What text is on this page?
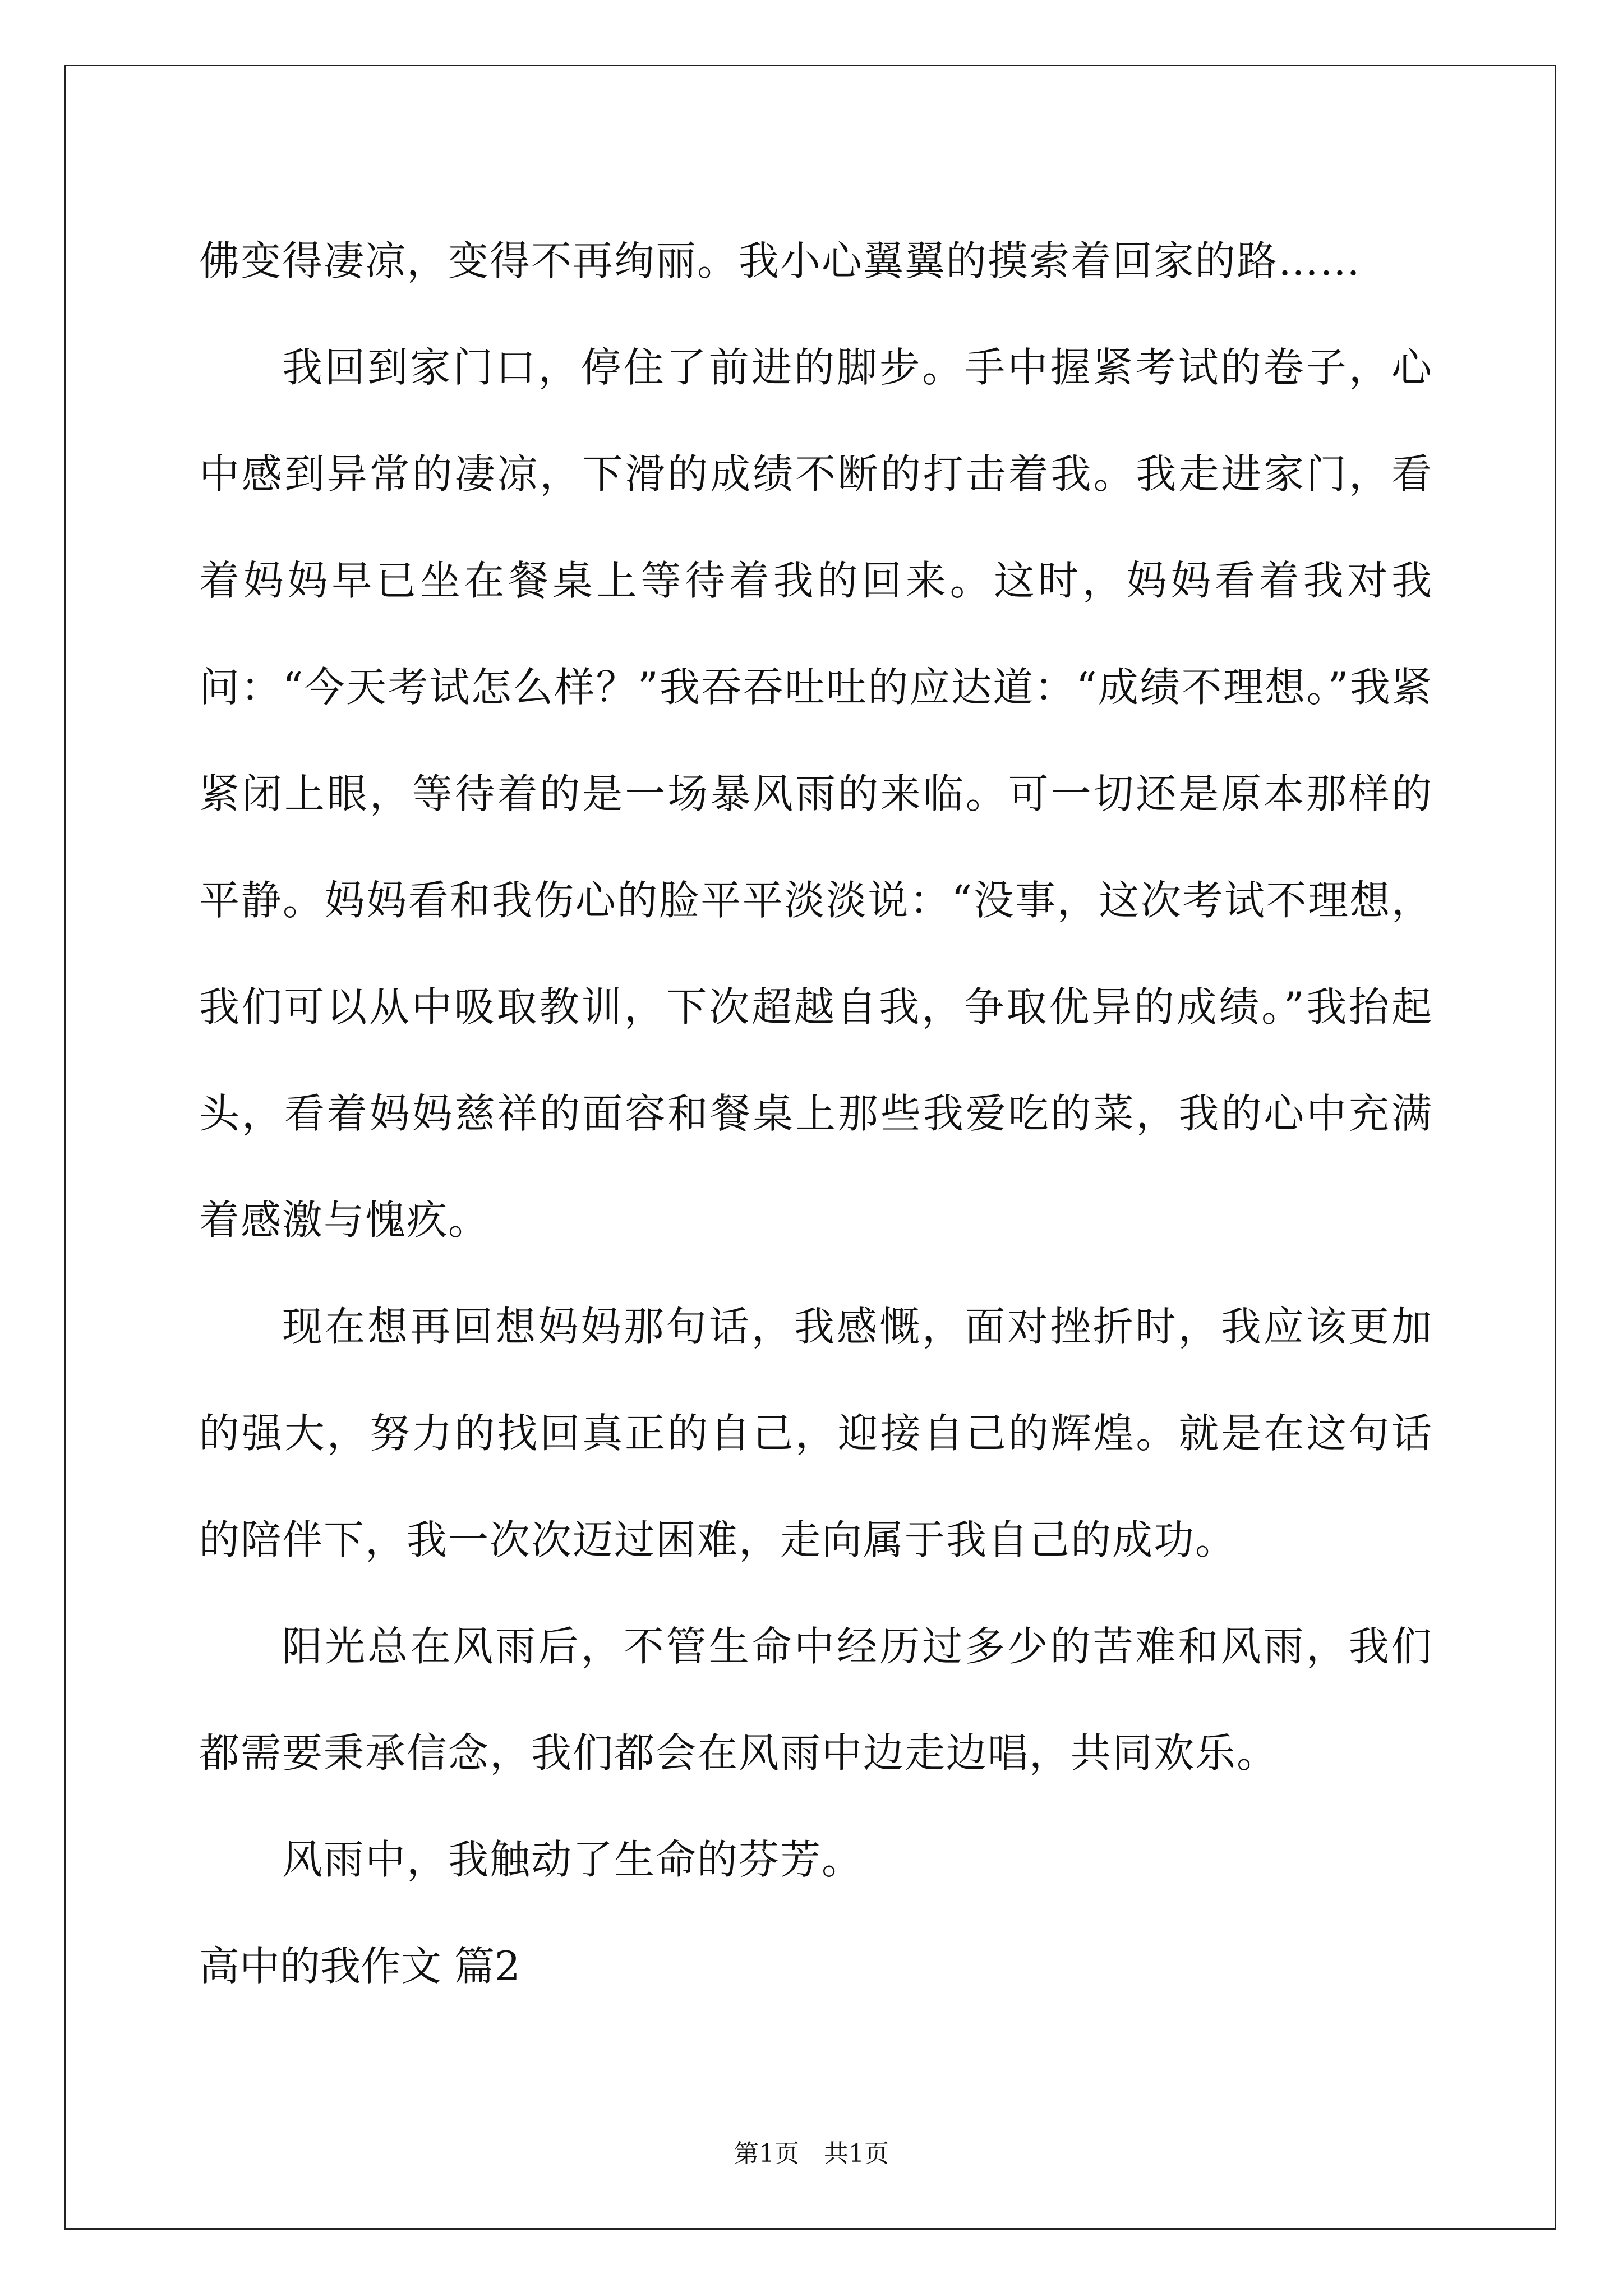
佛变得凄凉，变得不再绚丽。我小心翼翼的摸索着回家的路……

我回到家门口，停住了前进的脚步。手中握紧考试的卷子，心中感到异常的凄凉，下滑的成绩不断的打击着我。我走进家门，看着妈妈早已坐在餐桌上等待着我的回来。这时，妈妈看着我对我问：“今天考试怎么样？”我吞吞吐吐的应达道：“成绩不理想。”我紧紧闭上眼，等待着的是一场暴风雨的来临。可一切还是原本那样的平静。妈妈看和我伤心的脸平平淡淡说：“没事，这次考试不理想，我们可以从中吸取教训，下次超越自我，争取优异的成绩。”我抬起头，看着妈妈慈祥的面容和餐桌上那些我爱吃的菜，我的心中充满着感激与愧疚。

现在想再回想妈妈那句话，我感慨，面对挫折时，我应该更加的强大，努力的找回真正的自己，迎接自己的辉煌。就是在这句话的陪伴下，我一次次迈过困难，走向属于我自己的成功。

阳光总在风雨后，不管生命中经历过多少的苦难和风雨，我们都需要秉承信念，我们都会在风雨中边走边唱，共同欢乐。

风雨中，我触动了生命的芬芳。

高中的我作文 篇2

第1页　共1页
